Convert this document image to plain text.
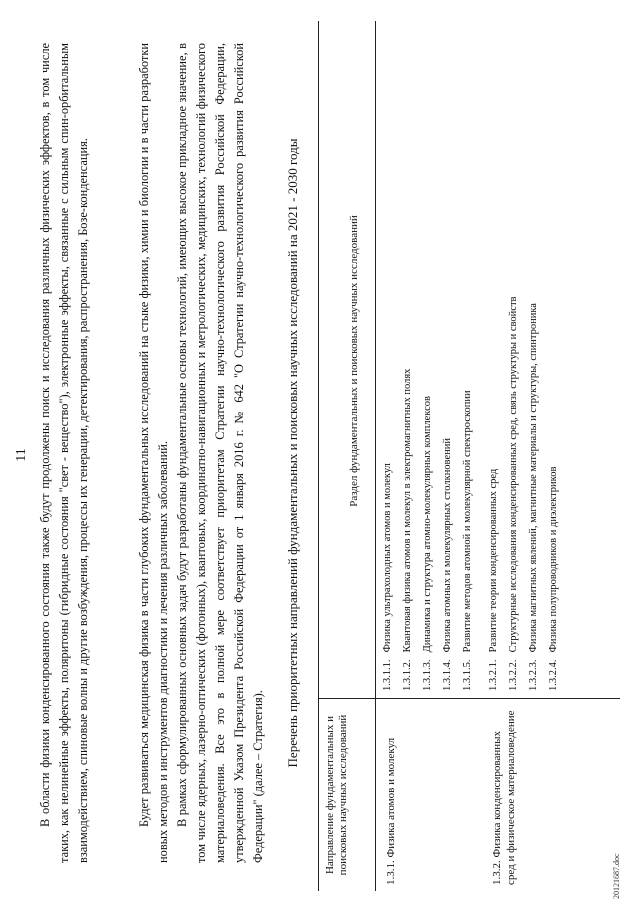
11 В области физики конденсированного состояния также будут продолжены поиск и исследования различных физических эффектов, в том числе таких, как нелинейные эффекты, поляритоны (гибридные состояния "свет - вещество"), электронные эффекты, связанные с сильным спин-орбитальным взаимодействием, спиновые волны и другие возбуждения, процессы их генерации, детектирования, распространения, Бозе-конденсация.	Будет развиваться медицинская физика в части глубоких фундаментальных исследований на стыке физики, химии и биологии и в части разработки новых методов и инструментов диагностики и лечения различных заболеваний. В рамках сформулированных основных задач будут разработаны фундаментальные основы технологий, имеющих высокое прикладное значение, в том числе ядерных, лазерно-оптических (фотонных), квантовых, координатно-навигационных и метрологических, медицинских, технологий физического материаловедения. Все это в полной мере соответствует приоритетам Стратегии научно-технологического развития Российской Федерации, утвержденной Указом Президента Российской Федерации от 1 января 2016 г. № 642 "О Стратегии научно-технологического развития Российской Федерации" (далее – Стратегия).

Перечень приоритетных направлений фундаментальных и поисковых научных исследований на 2021 - 2030 годы
Направление фундаментальных и поисковых научных исследований
Раздел фундаментальных и поисковых научных исследований
1.3.1. Физика атомов и молекул
1.3.1.1. Физика ультрахолодных атомов и молекул
1.3.1.2. Квантовая физика атомов и молекул в электромагнитных полях
1.3.1.3. Динамика и структура атомно-молекулярных комплексов
1.3.1.4. Физика атомных и молекулярных столкновений
1.3.1.5. Развитие методов атомной и молекулярной спектроскопии
1.3.2. Физика конденсированных сред и физическое материаловедение
1.3.2.1. Развитие теории конденсированных сред
1.3.2.2. Структурные исследования конденсированных сред, связь структуры и свойств
1.3.2.3. Физика магнитных явлений, магнитные материалы и структуры, спинтроника
1.3.2.4. Физика полупроводников и диэлектриков
20121687.doc
